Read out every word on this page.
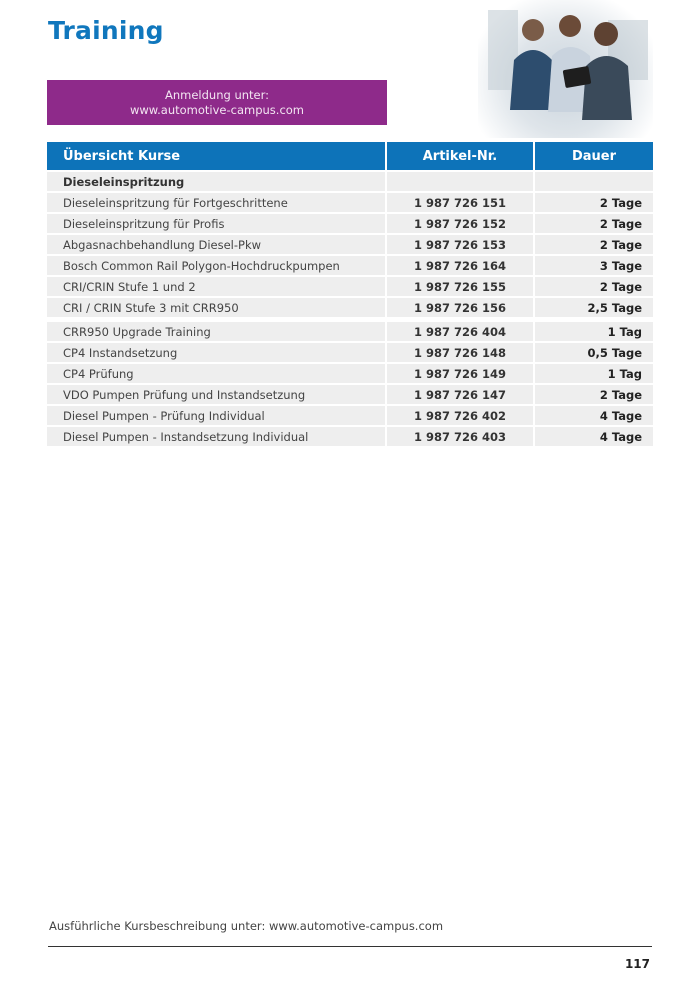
Training
Anmeldung unter:
www.automotive-campus.com
Übersicht Kurse	Artikel-Nr.	Dauer
Dieseleinspritzung		
Dieseleinspritzung für Fortgeschrittene	1 987 726 151	2 Tage
Dieseleinspritzung für Profis	1 987 726 152	2 Tage
Abgasnachbehandlung Diesel-Pkw	1 987 726 153	2 Tage
Bosch Common Rail Polygon-Hochdruckpumpen	1 987 726 164	3 Tage
CRI/CRIN Stufe 1 und 2	1 987 726 155	2 Tage
CRI / CRIN Stufe 3 mit CRR950	1 987 726 156	2,5 Tage
CRR950 Upgrade Training	1 987 726 404	1 Tag
CP4 Instandsetzung	1 987 726 148	0,5 Tage
CP4 Prüfung	1 987 726 149	1 Tag
VDO Pumpen Prüfung und Instandsetzung	1 987 726 147	2 Tage
Diesel Pumpen - Prüfung Individual	1 987 726 402	4 Tage
Diesel Pumpen - Instandsetzung Individual	1 987 726 403	4 Tage
Ausführliche Kursbeschreibung unter: www.automotive-campus.com
117
